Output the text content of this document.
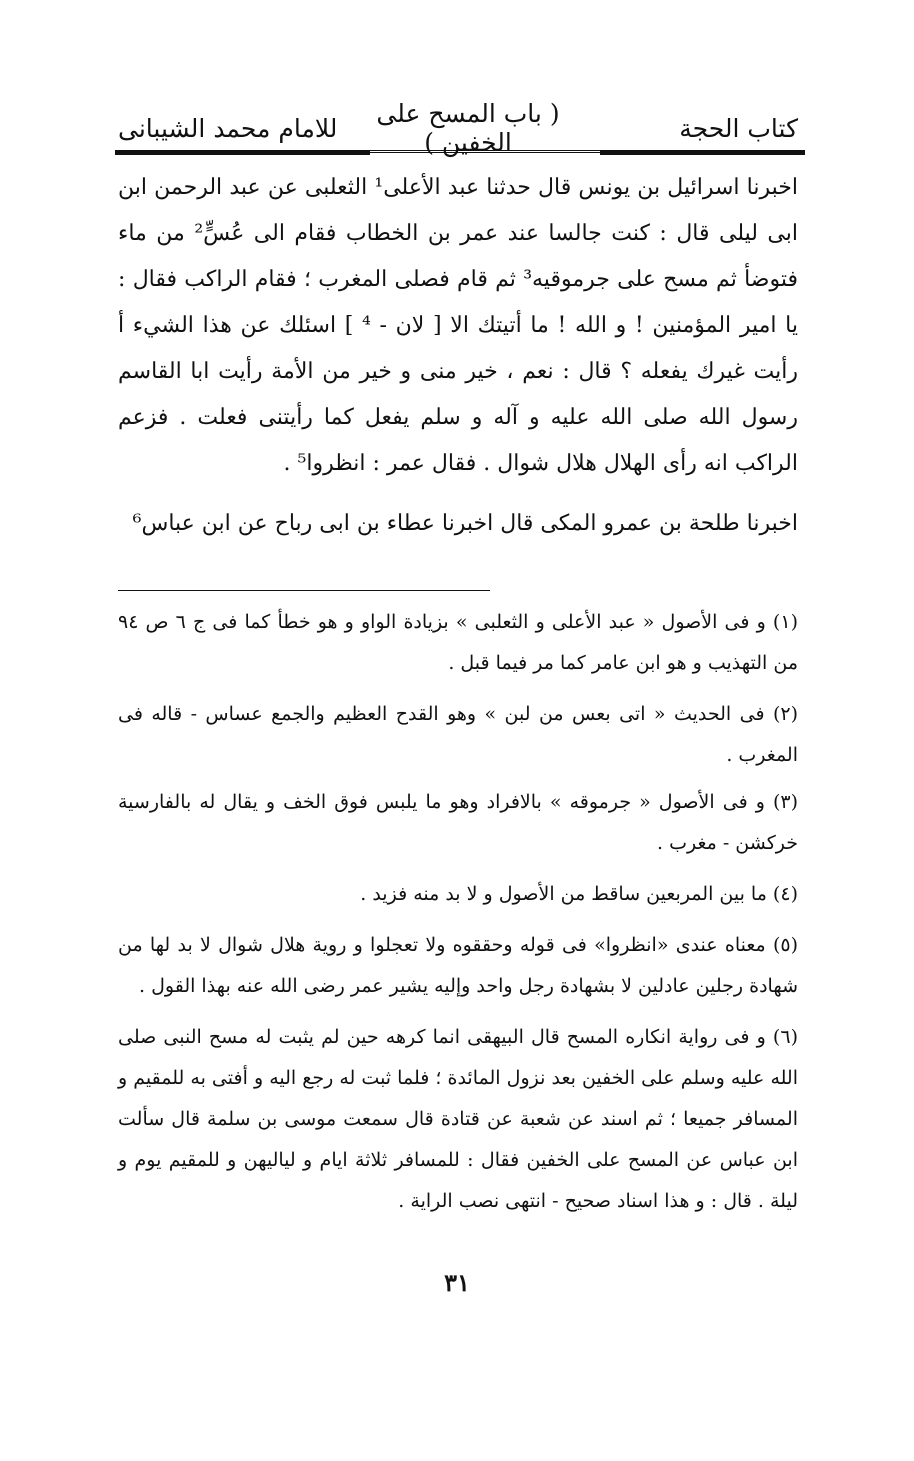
كتاب الحجة
( باب المسح على الخفين )
للامام محمد الشيبانى

اخبرنا اسرائيل بن يونس قال حدثنا عبد الأعلى¹ الثعلبى عن عبد الرحمن ابن ابى ليلى قال : كنت جالسا عند عمر بن الخطاب فقام الى عُسٍّ² من ماء فتوضأ ثم مسح على جرموقيه³ ثم قام فصلى المغرب ؛ فقام الراكب فقال : يا امير المؤمنين ! و الله ! ما أتيتك الا [ لان - ⁴ ] اسئلك عن هذا الشيء أ رأيت غيرك يفعله ؟ قال : نعم ، خير منى و خير من الأمة رأيت ابا القاسم رسول الله صلى الله عليه و آله و سلم يفعل كما رأيتنى فعلت . فزعم الراكب انه رأى الهلال هلال شوال . فقال عمر : انظروا⁵ .

اخبرنا طلحة بن عمرو المكى قال اخبرنا عطاء بن ابى رباح عن ابن عباس⁶

(١) و فى الأصول « عبد الأعلى و الثعلبى » بزيادة الواو و هو خطأ كما فى ج ٦ ص ٩٤ من التهذيب و هو ابن عامر كما مر فيما قبل .

(٢) فى الحديث « اتى بعس من لبن » وهو القدح العظيم والجمع عساس - قاله فى المغرب .

(٣) و فى الأصول « جرموقه » بالافراد وهو ما يلبس فوق الخف و يقال له بالفارسية خركشن - مغرب .

(٤) ما بين المربعين ساقط من الأصول و لا بد منه فزيد .

(٥) معناه عندى «انظروا» فى قوله وحققوه ولا تعجلوا و روية هلال شوال لا بد لها من شهادة رجلين عادلين لا بشهادة رجل واحد وإليه يشير عمر رضى الله عنه بهذا القول .

(٦) و فى رواية انكاره المسح قال البيهقى انما كرهه حين لم يثبت له مسح النبى صلى الله عليه وسلم على الخفين بعد نزول المائدة ؛ فلما ثبت له رجع اليه و أفتى به للمقيم و المسافر جميعا ؛ ثم اسند عن شعبة عن قتادة قال سمعت موسى بن سلمة قال سألت ابن عباس عن المسح على الخفين فقال : للمسافر ثلاثة ايام و لياليهن و للمقيم يوم و ليلة . قال : و هذا اسناد صحيح - انتهى نصب الراية .

٣١
